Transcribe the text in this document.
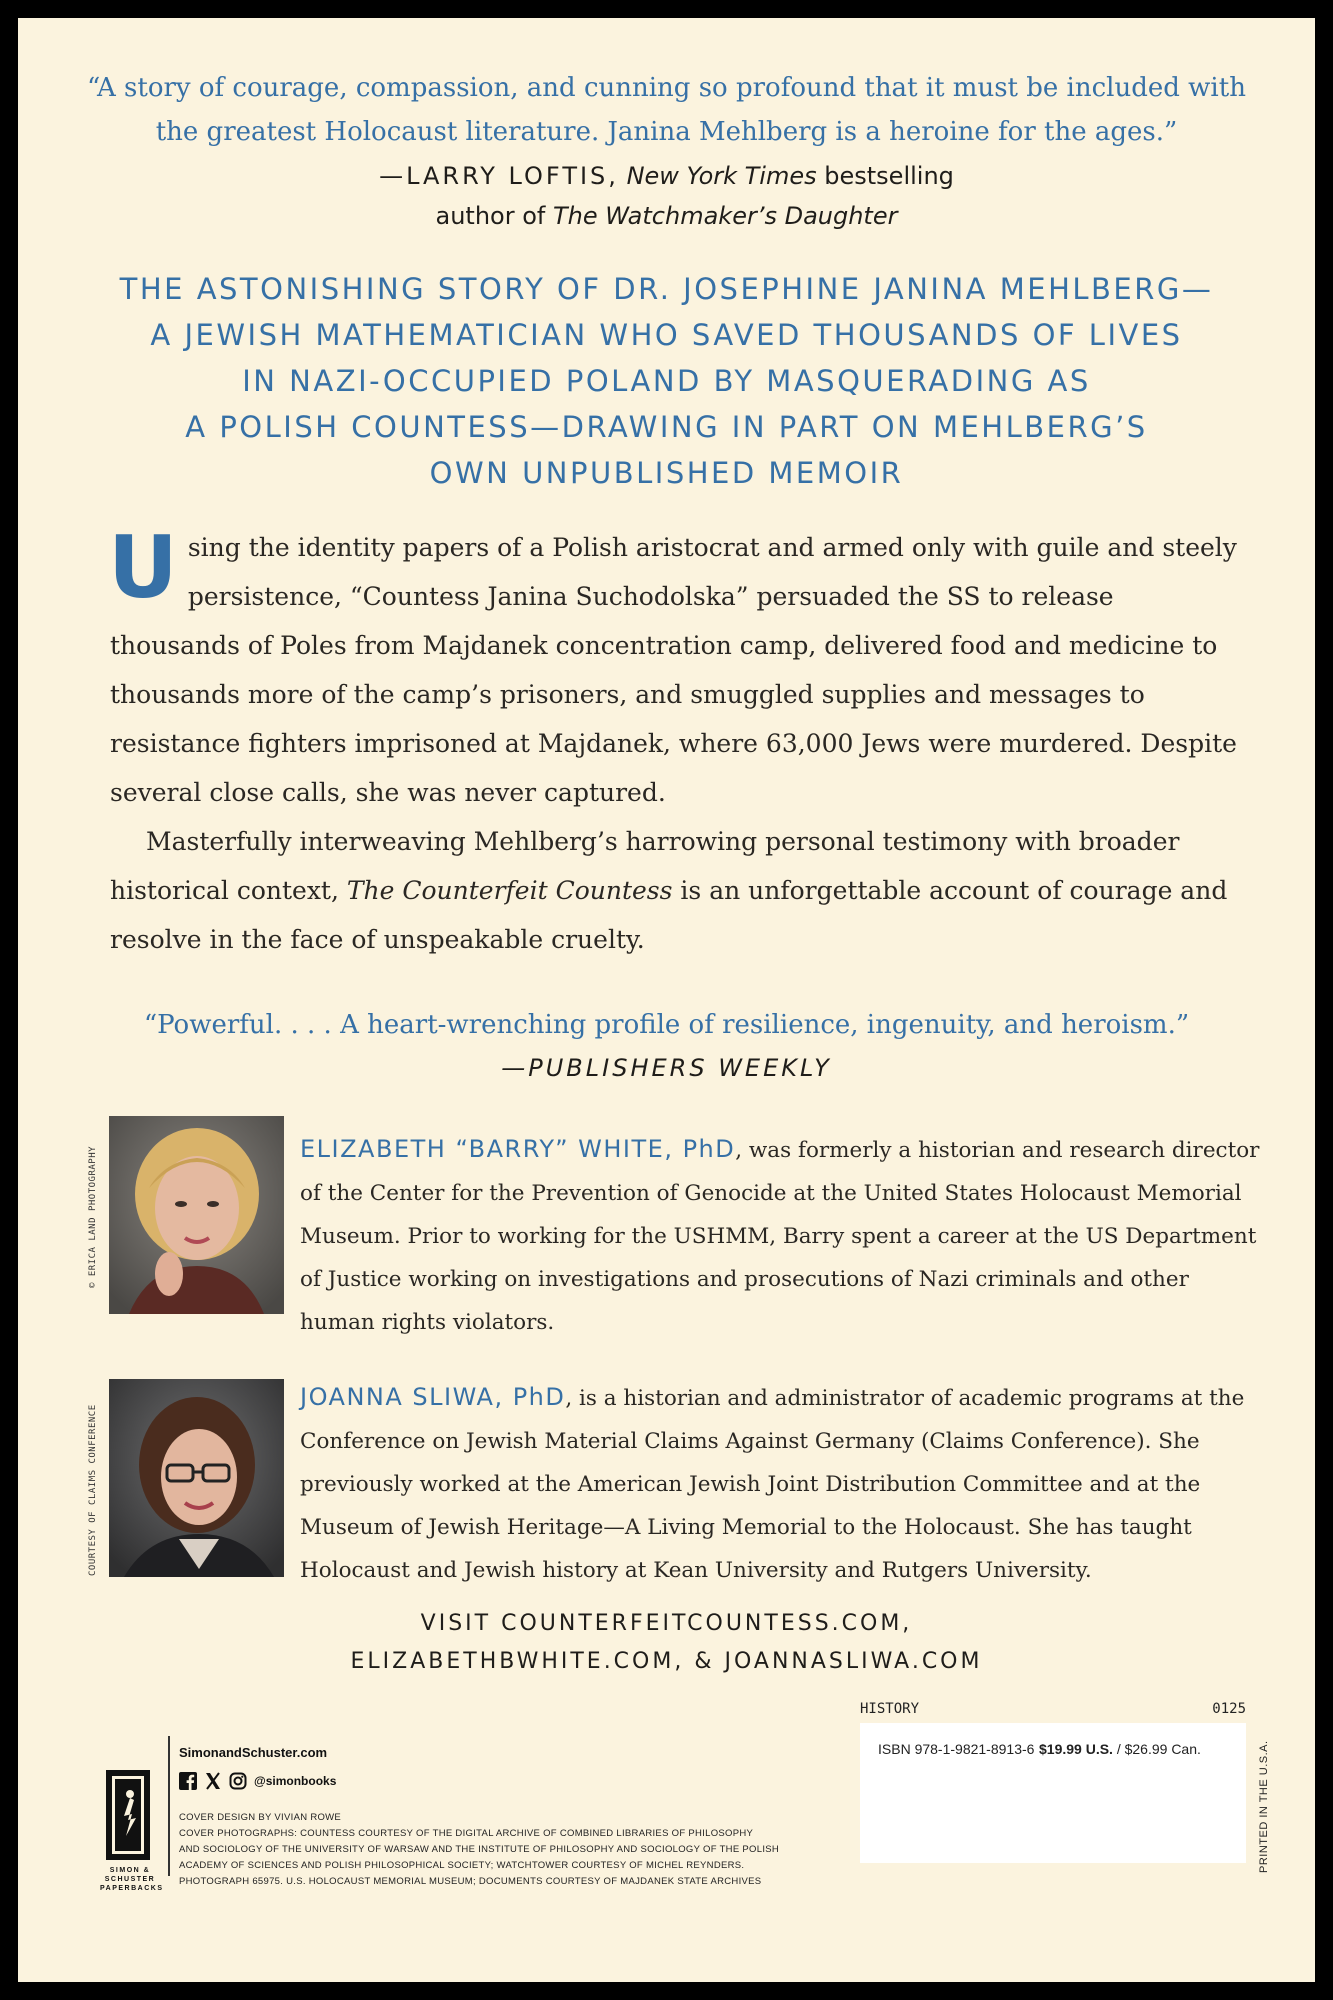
“A story of courage, compassion, and cunning so profound that it must be included with
the greatest Holocaust literature. Janina Mehlberg is a heroine for the ages.”
—LARRY LOFTIS, New York Times bestselling
author of The Watchmaker’s Daughter
THE ASTONISHING STORY OF DR. JOSEPHINE JANINA MEHLBERG—
A JEWISH MATHEMATICIAN WHO SAVED THOUSANDS OF LIVES
IN NAZI-OCCUPIED POLAND BY MASQUERADING AS
A POLISH COUNTESS—DRAWING IN PART ON MEHLBERG’S
OWN UNPUBLISHED MEMOIR

Using the identity papers of a Polish aristocrat and armed only with guile and steely persistence, “Countess Janina Suchodolska” persuaded the SS to release thousands of Poles from Majdanek concentration camp, delivered food and medicine to thousands more of the camp’s prisoners, and smuggled supplies and messages to resistance fighters imprisoned at Majdanek, where 63,000 Jews were murdered. Despite several close calls, she was never captured.

Masterfully interweaving Mehlberg’s harrowing personal testimony with broader historical context, The Counterfeit Countess is an unforgettable account of courage and resolve in the face of unspeakable cruelty.

“Powerful. . . . A heart-wrenching profile of resilience, ingenuity, and heroism.”
—PUBLISHERS WEEKLY
© ERICA LAND PHOTOGRAPHY	ELIZABETH “BARRY” WHITE, PhD, was formerly a historian and research director of the Center for the Prevention of Genocide at the United States Holocaust Memorial Museum. Prior to working for the USHMM, Barry spent a career at the US Department of Justice working on investigations and prosecutions of Nazi criminals and other human rights violators.
COURTESY OF CLAIMS CONFERENCE
JOANNA SLIWA, PhD, is a historian and administrator of academic programs at the Conference on Jewish Material Claims Against Germany (Claims Conference). She previously worked at the American Jewish Joint Distribution Committee and at the Museum of Jewish Heritage—A Living Memorial to the Holocaust. She has taught Holocaust and Jewish history at Kean University and Rutgers University.
VISIT COUNTERFEITCOUNTESS.COM,
ELIZABETHBWHITE.COM, & JOANNASLIWA.COM
HISTORY	0125
ISBN 978-1-9821-8913-6 $19.99 U.S. / $26.99 Can.	PRINTED IN THE U.S.A.
SIMON &
SCHUSTER
PAPERBACKS
SimonandSchuster.com
@simonbooks
COVER DESIGN BY VIVIAN ROWE
COVER PHOTOGRAPHS: COUNTESS COURTESY OF THE DIGITAL ARCHIVE OF COMBINED LIBRARIES OF PHILOSOPHY
AND SOCIOLOGY OF THE UNIVERSITY OF WARSAW AND THE INSTITUTE OF PHILOSOPHY AND SOCIOLOGY OF THE POLISH
ACADEMY OF SCIENCES AND POLISH PHILOSOPHICAL SOCIETY; WATCHTOWER COURTESY OF MICHEL REYNDERS.
PHOTOGRAPH 65975. U.S. HOLOCAUST MEMORIAL MUSEUM; DOCUMENTS COURTESY OF MAJDANEK STATE ARCHIVES
